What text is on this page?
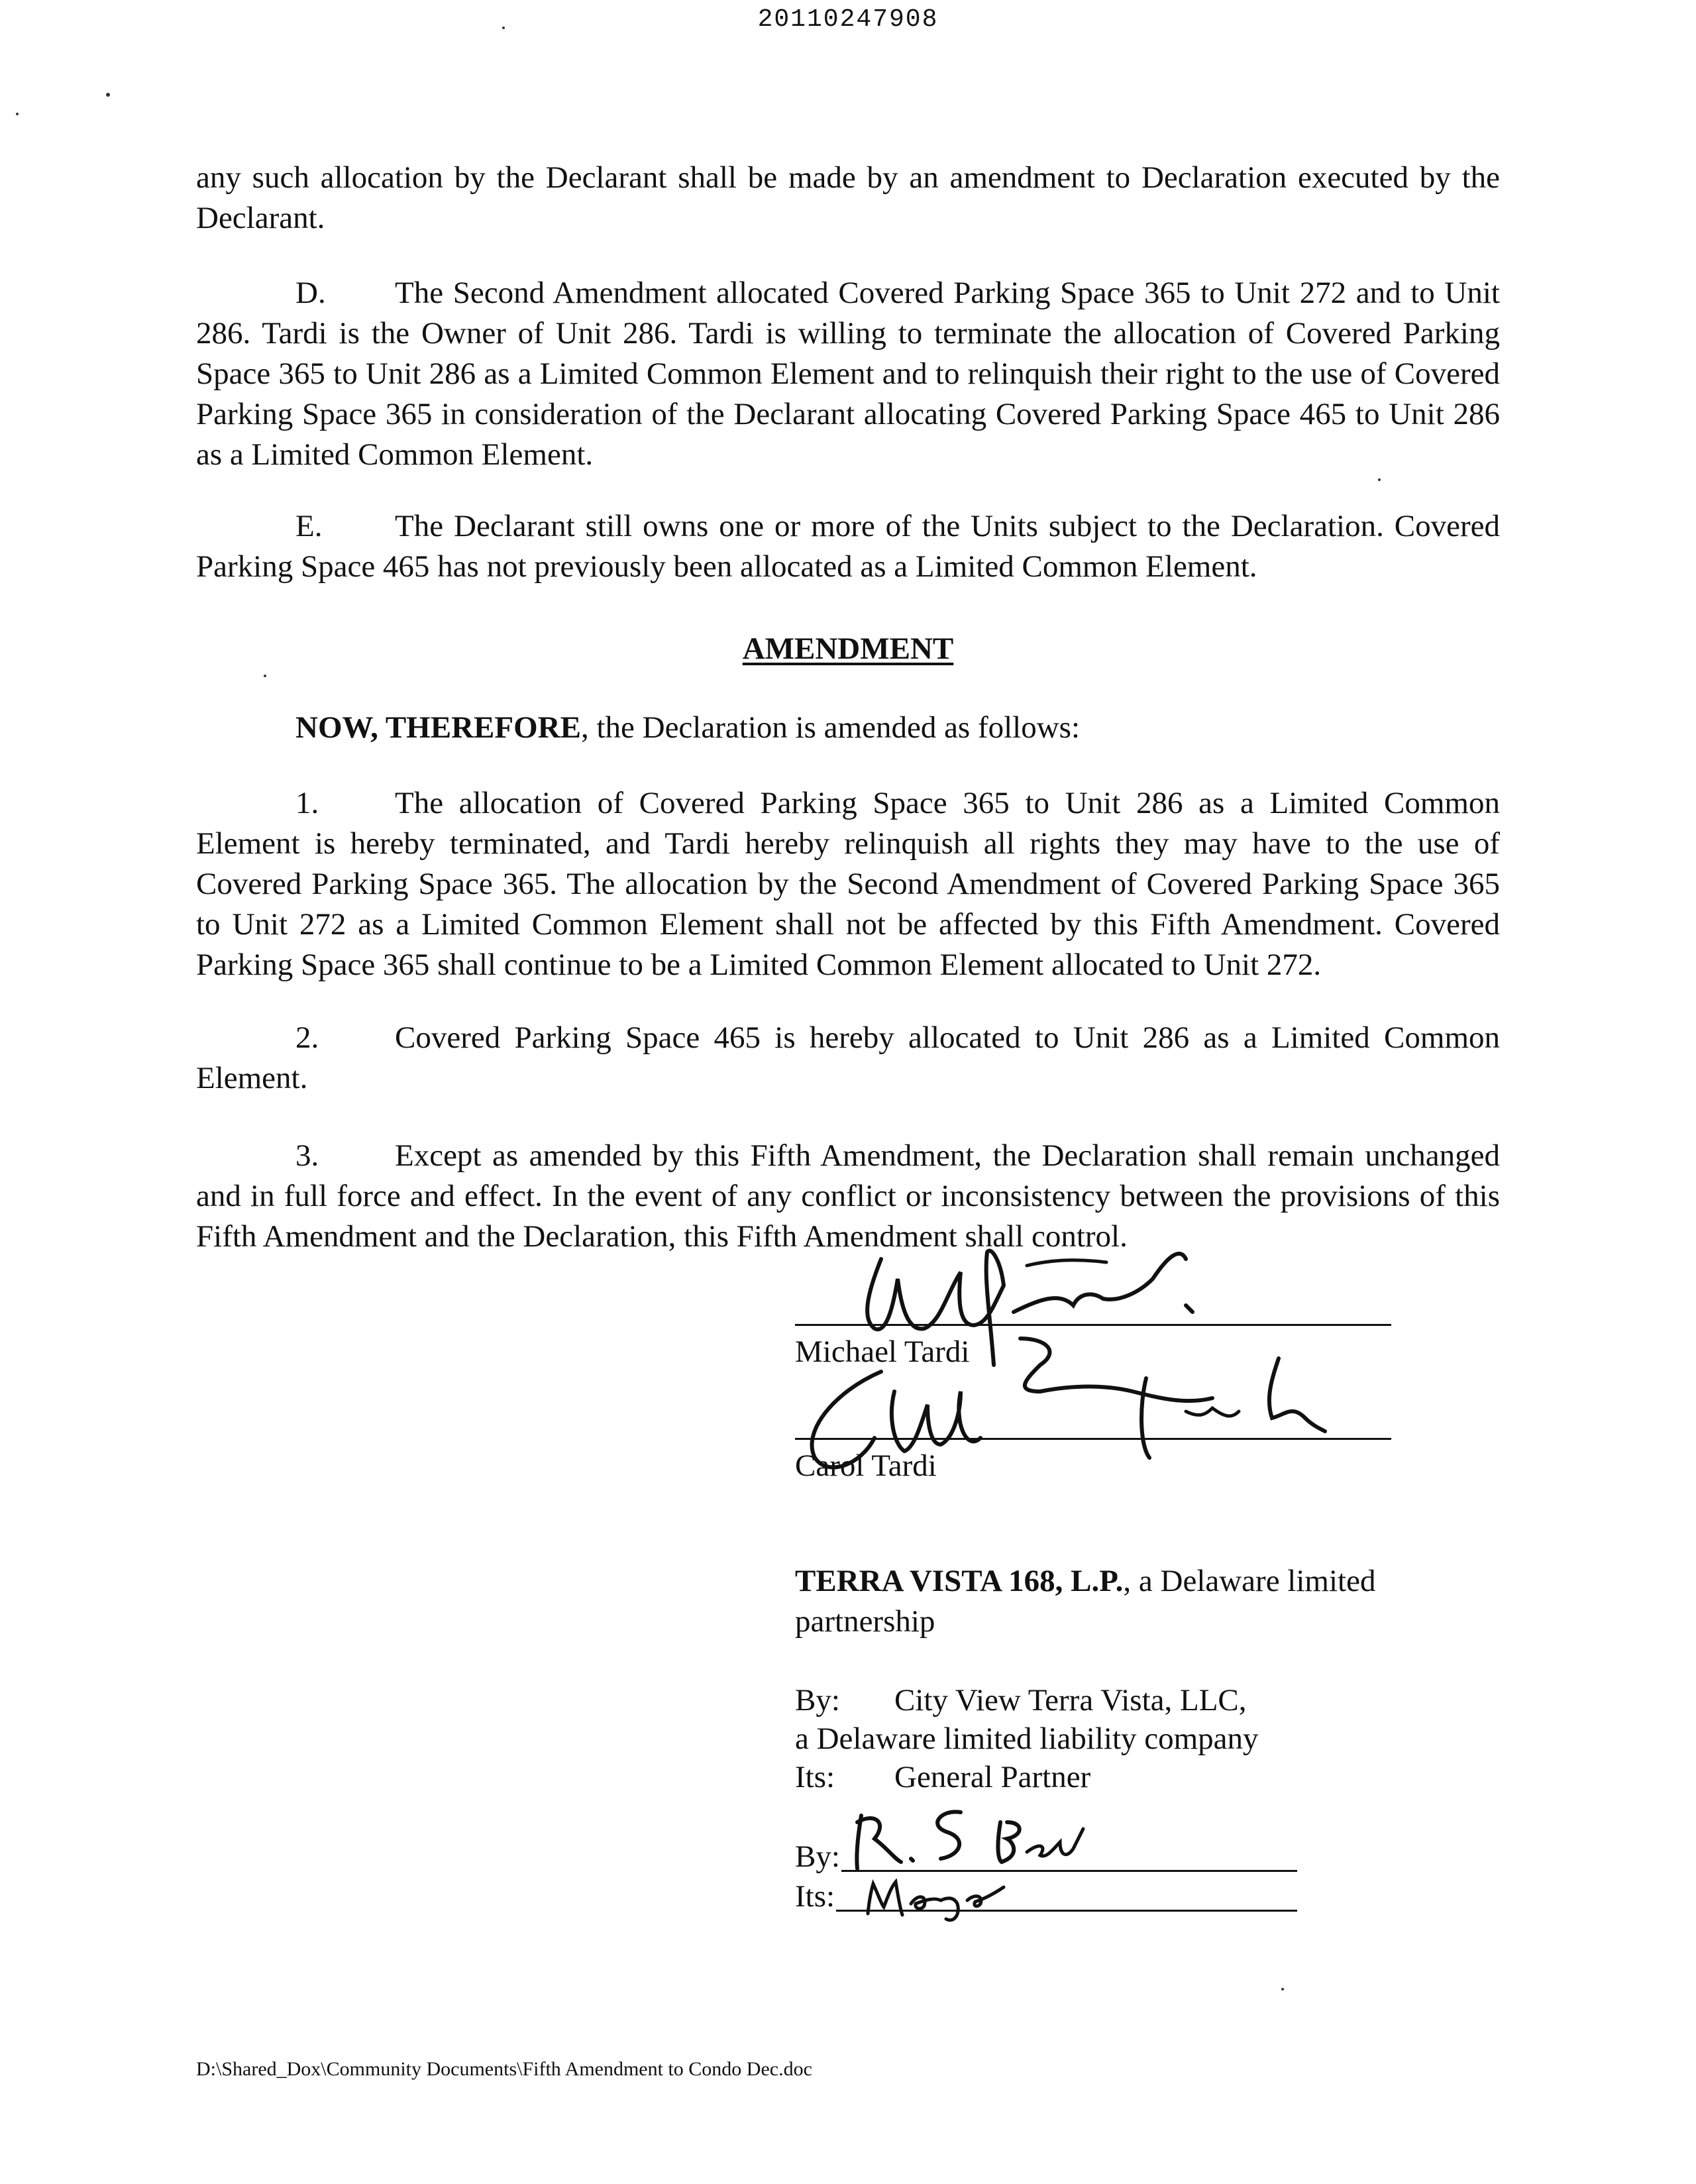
20110247908

any such allocation by the Declarant shall be made by an amendment to Declaration executed by the Declarant.

D. The Second Amendment allocated Covered Parking Space 365 to Unit 272 and to Unit 286. Tardi is the Owner of Unit 286. Tardi is willing to terminate the allocation of Covered Parking Space 365 to Unit 286 as a Limited Common Element and to relinquish their right to the use of Covered Parking Space 365 in consideration of the Declarant allocating Covered Parking Space 465 to Unit 286 as a Limited Common Element.

E. The Declarant still owns one or more of the Units subject to the Declaration. Covered Parking Space 465 has not previously been allocated as a Limited Common Element.

AMENDMENT
NOW, THEREFORE, the Declaration is amended as follows:

1. The allocation of Covered Parking Space 365 to Unit 286 as a Limited Common Element is hereby terminated, and Tardi hereby relinquish all rights they may have to the use of Covered Parking Space 365. The allocation by the Second Amendment of Covered Parking Space 365 to Unit 272 as a Limited Common Element shall not be affected by this Fifth Amendment. Covered Parking Space 365 shall continue to be a Limited Common Element allocated to Unit 272.

2. Covered Parking Space 465 is hereby allocated to Unit 286 as a Limited Common Element.

3. Except as amended by this Fifth Amendment, the Declaration shall remain unchanged and in full force and effect. In the event of any conflict or inconsistency between the provisions of this Fifth Amendment and the Declaration, this Fifth Amendment shall control.

Michael Tardi
Carol Tardi
TERRA VISTA 168, L.P., a Delaware limited partnership
By: City View Terra Vista, LLC,
a Delaware limited liability company
Its: General Partner
By:
Its:
D:\Shared_Dox\Community Documents\Fifth Amendment to Condo Dec.doc
